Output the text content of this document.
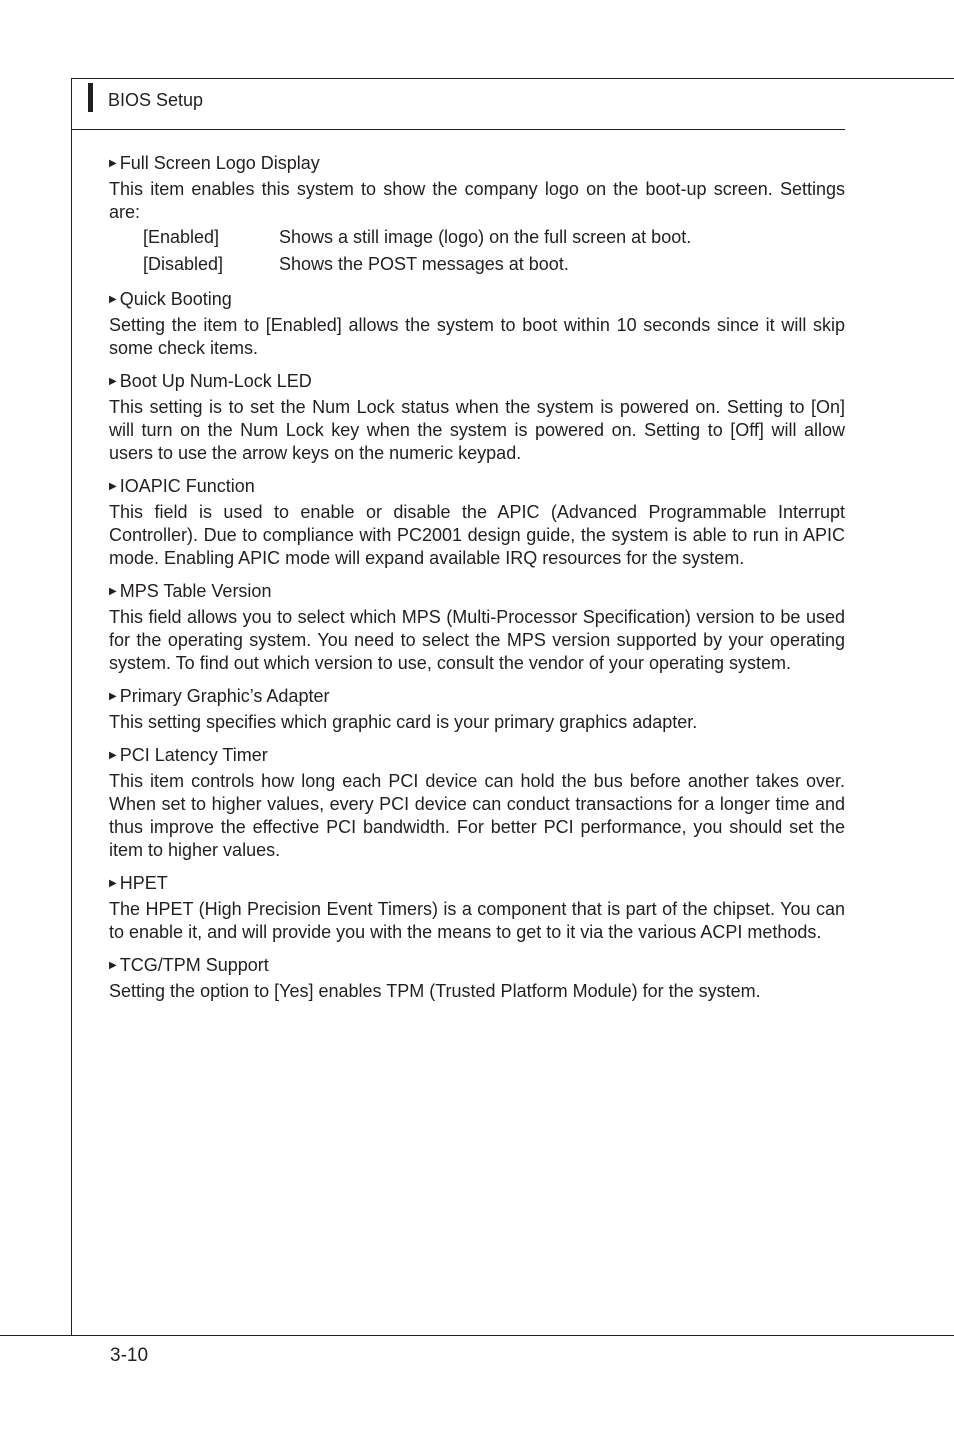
BIOS Setup
▶ Full Screen Logo Display
This item enables this system to show the company logo on the boot-up screen. Settings are:
[Enabled]	Shows a still image (logo) on the full screen at boot.
[Disabled]	Shows the POST messages at boot.
▶ Quick Booting
Setting the item to [Enabled] allows the system to boot within 10 seconds since it will skip some check items.
▶ Boot Up Num-Lock LED
This setting is to set the Num Lock status when the system is powered on. Setting to [On] will turn on the Num Lock key when the system is powered on. Setting to [Off] will allow users to use the arrow keys on the numeric keypad.
▶ IOAPIC Function
This field is used to enable or disable the APIC (Advanced Programmable Interrupt Controller). Due to compliance with PC2001 design guide, the system is able to run in APIC mode. Enabling APIC mode will expand available IRQ resources for the system.
▶ MPS Table Version
This field allows you to select which MPS (Multi-Processor Specification) version to be used for the operating system. You need to select the MPS version supported by your operating system. To find out which version to use, consult the vendor of your operating system.
▶ Primary Graphic’s Adapter
This setting specifies which graphic card is your primary graphics adapter.
▶ PCI Latency Timer
This item controls how long each PCI device can hold the bus before another takes over. When set to higher values, every PCI device can conduct transactions for a longer time and thus improve the effective PCI bandwidth. For better PCI performance, you should set the item to higher values.
▶ HPET
The HPET (High Precision Event Timers) is a component that is part of the chipset. You can to enable it, and will provide you with the means to get to it via the various ACPI methods.
▶ TCG/TPM Support
Setting the option to [Yes] enables TPM (Trusted Platform Module) for the system.
3-10
